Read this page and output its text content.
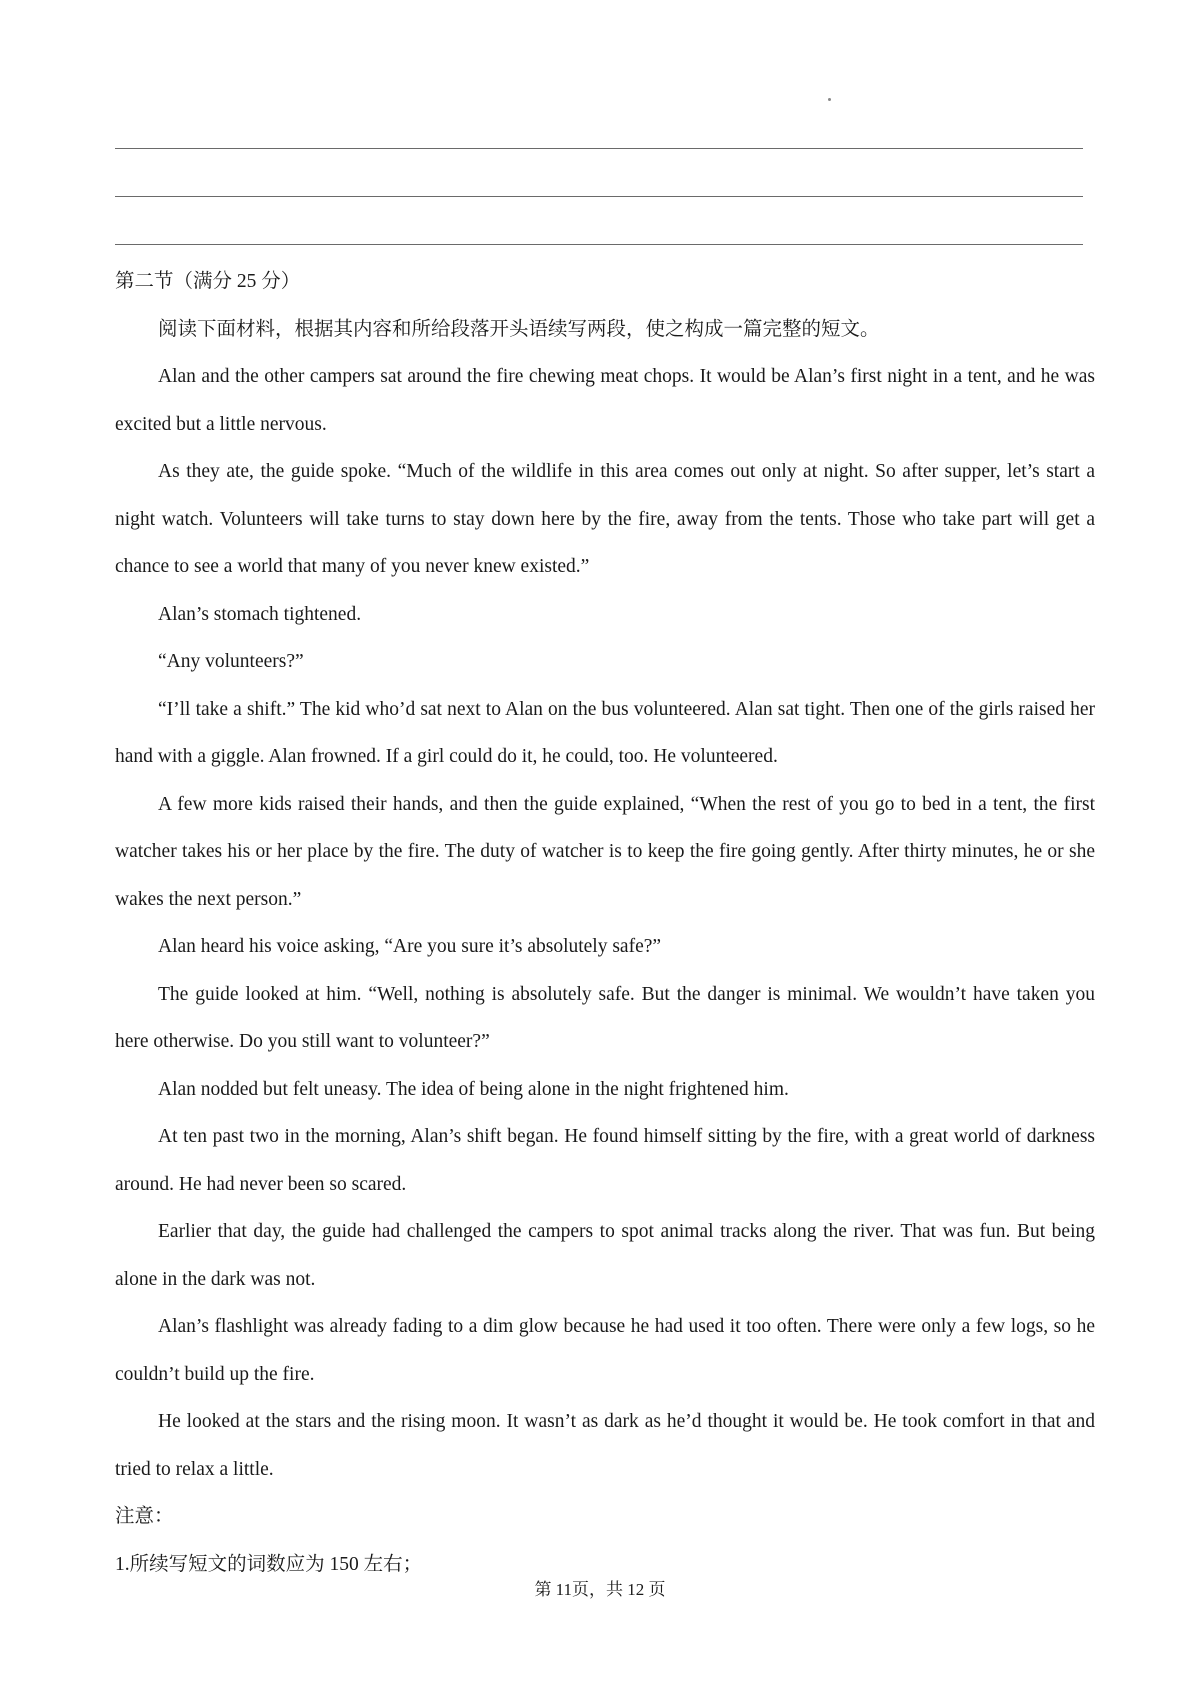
第二节（满分 25 分）

阅读下面材料，根据其内容和所给段落开头语续写两段，使之构成一篇完整的短文。

Alan and the other campers sat around the fire chewing meat chops. It would be Alan’s first night in a tent, and he was excited but a little nervous.

As they ate, the guide spoke. “Much of the wildlife in this area comes out only at night. So after supper, let’s start a night watch. Volunteers will take turns to stay down here by the fire, away from the tents. Those who take part will get a chance to see a world that many of you never knew existed.”

Alan’s stomach tightened.

“Any volunteers?”

“I’ll take a shift.” The kid who’d sat next to Alan on the bus volunteered. Alan sat tight. Then one of the girls raised her hand with a giggle. Alan frowned. If a girl could do it, he could, too. He volunteered.

A few more kids raised their hands, and then the guide explained, “When the rest of you go to bed in a tent, the first watcher takes his or her place by the fire. The duty of watcher is to keep the fire going gently. After thirty minutes, he or she wakes the next person.”

Alan heard his voice asking, “Are you sure it’s absolutely safe?”

The guide looked at him. “Well, nothing is absolutely safe. But the danger is minimal. We wouldn’t have taken you here otherwise. Do you still want to volunteer?”

Alan nodded but felt uneasy. The idea of being alone in the night frightened him.

At ten past two in the morning, Alan’s shift began. He found himself sitting by the fire, with a great world of darkness around. He had never been so scared.

Earlier that day, the guide had challenged the campers to spot animal tracks along the river. That was fun. But being alone in the dark was not.

Alan’s flashlight was already fading to a dim glow because he had used it too often. There were only a few logs, so he couldn’t build up the fire.

He looked at the stars and the rising moon. It wasn’t as dark as he’d thought it would be. He took comfort in that and tried to relax a little.

注意：

1.所续写短文的词数应为 150 左右；

第 11页，共 12 页
